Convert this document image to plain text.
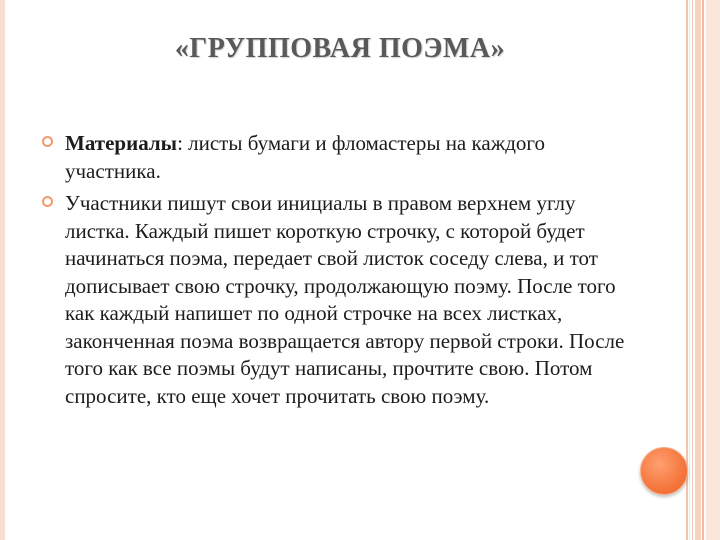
«ГРУППОВАЯ ПОЭМА»
Материалы: листы бумаги и фломастеры на каждого участника.
Участники пишут свои инициалы в правом верхнем углу листка. Каждый пишет короткую строчку, с которой будет начинаться поэма, передает свой листок соседу слева, и тот дописывает свою строчку, продолжающую поэму. После того как каждый напишет по одной строчке на всех листках, законченная поэма возвращается автору первой строки. После того как все поэмы будут написаны, прочтите свою. Потом спросите, кто еще хочет прочитать свою поэму.
